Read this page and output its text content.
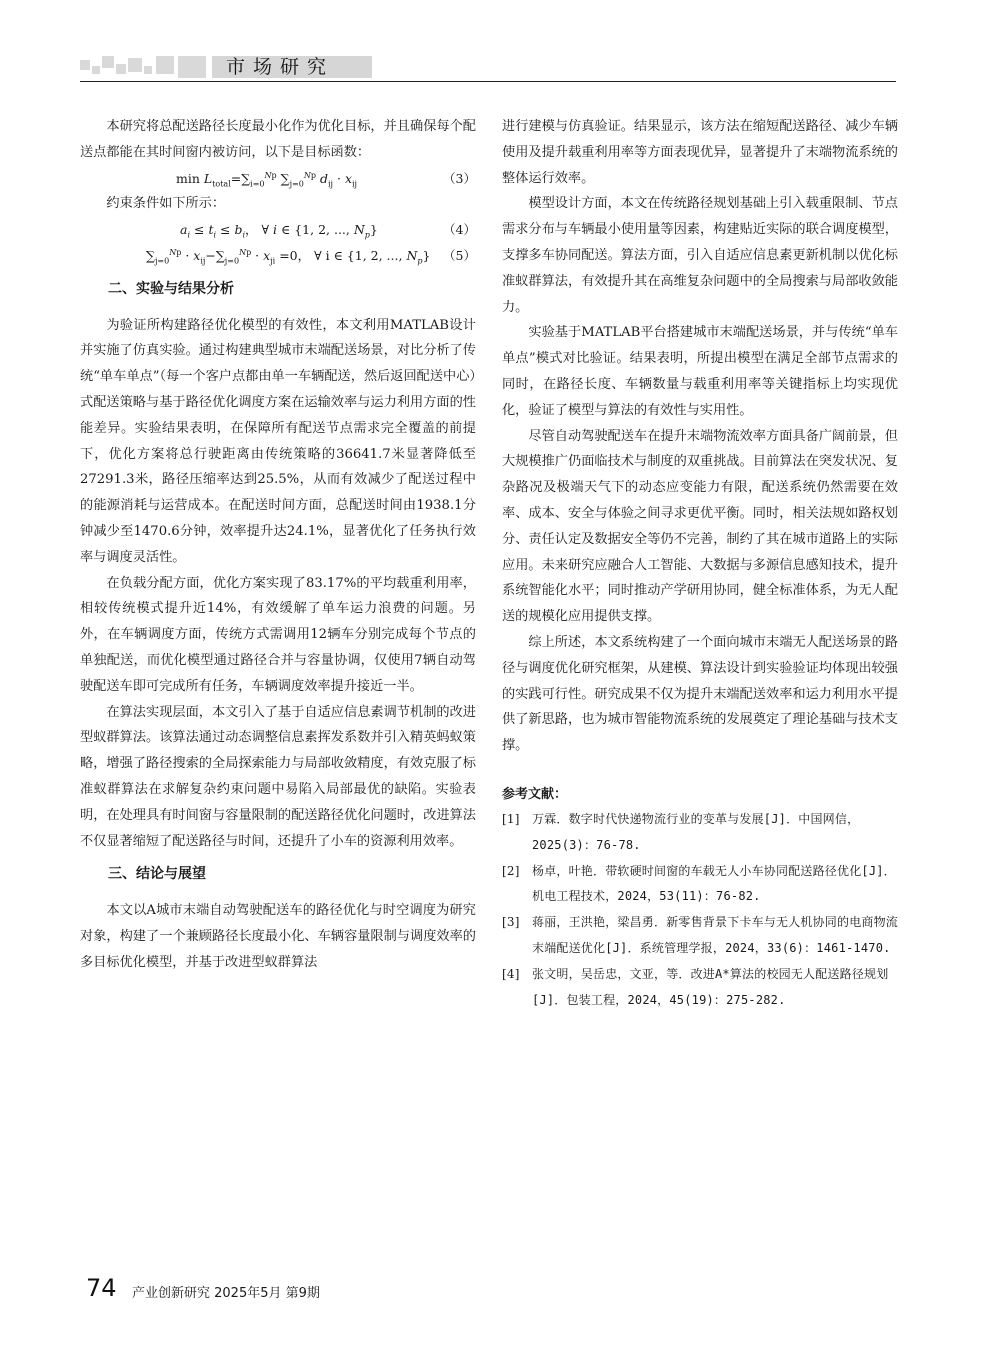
市场研究

本研究将总配送路径长度最小化作为优化目标，并且确保每个配送点都能在其时间窗内被访问，以下是目标函数：

$\min L_{total}=\sum_{i=0}^{Np}$ $\sum_{j=0}^{Np}$ $d_{ij} \cdot x_{ij}$	（3）

约束条件如下所示：

$a_i \le t_i \le b_i$， ∀ i ∈ {1, 2, ..., $N_p$}	（4）
$\sum_{j=0}^{Np} \cdot x_{ij}-\sum_{j=0}^{Np} \cdot x_{ji} =0$， ∀ i ∈ {1, 2, ..., $N_p$} （5）

二、实验与结果分析

为验证所构建路径优化模型的有效性，本文利用MATLAB设计并实施了仿真实验。通过构建典型城市末端配送场景，对比分析了传统“单车单点”（每一个客户点都由单一车辆配送，然后返回配送中心）式配送策略与基于路径优化调度方案在运输效率与运力利用方面的性能差异。实验结果表明，在保障所有配送节点需求完全覆盖的前提下，优化方案将总行驶距离由传统策略的36641.7米显著降低至27291.3米，路径压缩率达到25.5%，从而有效减少了配送过程中的能源消耗与运营成本。在配送时间方面，总配送时间由1938.1分钟减少至1470.6分钟，效率提升达24.1%，显著优化了任务执行效率与调度灵活性。

在负载分配方面，优化方案实现了83.17%的平均载重利用率，相较传统模式提升近14%，有效缓解了单车运力浪费的问题。另外，在车辆调度方面，传统方式需调用12辆车分别完成每个节点的单独配送，而优化模型通过路径合并与容量协调，仅使用7辆自动驾驶配送车即可完成所有任务，车辆调度效率提升接近一半。

在算法实现层面，本文引入了基于自适应信息素调节机制的改进型蚁群算法。该算法通过动态调整信息素挥发系数并引入精英蚂蚁策略，增强了路径搜索的全局探索能力与局部收敛精度，有效克服了标准蚁群算法在求解复杂约束问题中易陷入局部最优的缺陷。实验表明，在处理具有时间窗与容量限制的配送路径优化问题时，改进算法不仅显著缩短了配送路径与时间，还提升了小车的资源利用效率。

三、结论与展望

本文以A城市末端自动驾驶配送车的路径优化与时空调度为研究对象，构建了一个兼顾路径长度最小化、车辆容量限制与调度效率的多目标优化模型，并基于改进型蚁群算法

进行建模与仿真验证。结果显示，该方法在缩短配送路径、减少车辆使用及提升载重利用率等方面表现优异，显著提升了末端物流系统的整体运行效率。

模型设计方面，本文在传统路径规划基础上引入载重限制、节点需求分布与车辆最小使用量等因素，构建贴近实际的联合调度模型，支撑多车协同配送。算法方面，引入自适应信息素更新机制以优化标准蚁群算法，有效提升其在高维复杂问题中的全局搜索与局部收敛能力。

实验基于MATLAB平台搭建城市末端配送场景，并与传统“单车单点”模式对比验证。结果表明，所提出模型在满足全部节点需求的同时，在路径长度、车辆数量与载重利用率等关键指标上均实现优化，验证了模型与算法的有效性与实用性。

尽管自动驾驶配送车在提升末端物流效率方面具备广阔前景，但大规模推广仍面临技术与制度的双重挑战。目前算法在突发状况、复杂路况及极端天气下的动态应变能力有限，配送系统仍然需要在效率、成本、安全与体验之间寻求更优平衡。同时，相关法规如路权划分、责任认定及数据安全等仍不完善，制约了其在城市道路上的实际应用。未来研究应融合人工智能、大数据与多源信息感知技术，提升系统智能化水平；同时推动产学研用协同，健全标准体系，为无人配送的规模化应用提供支撑。

综上所述，本文系统构建了一个面向城市末端无人配送场景的路径与调度优化研究框架，从建模、算法设计到实验验证均体现出较强的实践可行性。研究成果不仅为提升末端配送效率和运力利用水平提供了新思路，也为城市智能物流系统的发展奠定了理论基础与技术支撑。

参考文献：

[1] 万霖．数字时代快递物流行业的变革与发展[J]．中国网信，2025(3)：76-78.
[2] 杨卓，叶艳．带软硬时间窗的车载无人小车协同配送路径优化[J]．机电工程技术，2024，53(11)：76-82.
[3] 蒋丽，王洪艳，梁昌勇．新零售背景下卡车与无人机协同的电商物流末端配送优化[J]．系统管理学报，2024，33(6)：1461-1470.
[4] 张文明，吴岳忠，文亚，等．改进A*算法的校园无人配送路径规划[J]．包装工程，2024，45(19)：275-282.
74 产业创新研究 2025年5月 第9期
